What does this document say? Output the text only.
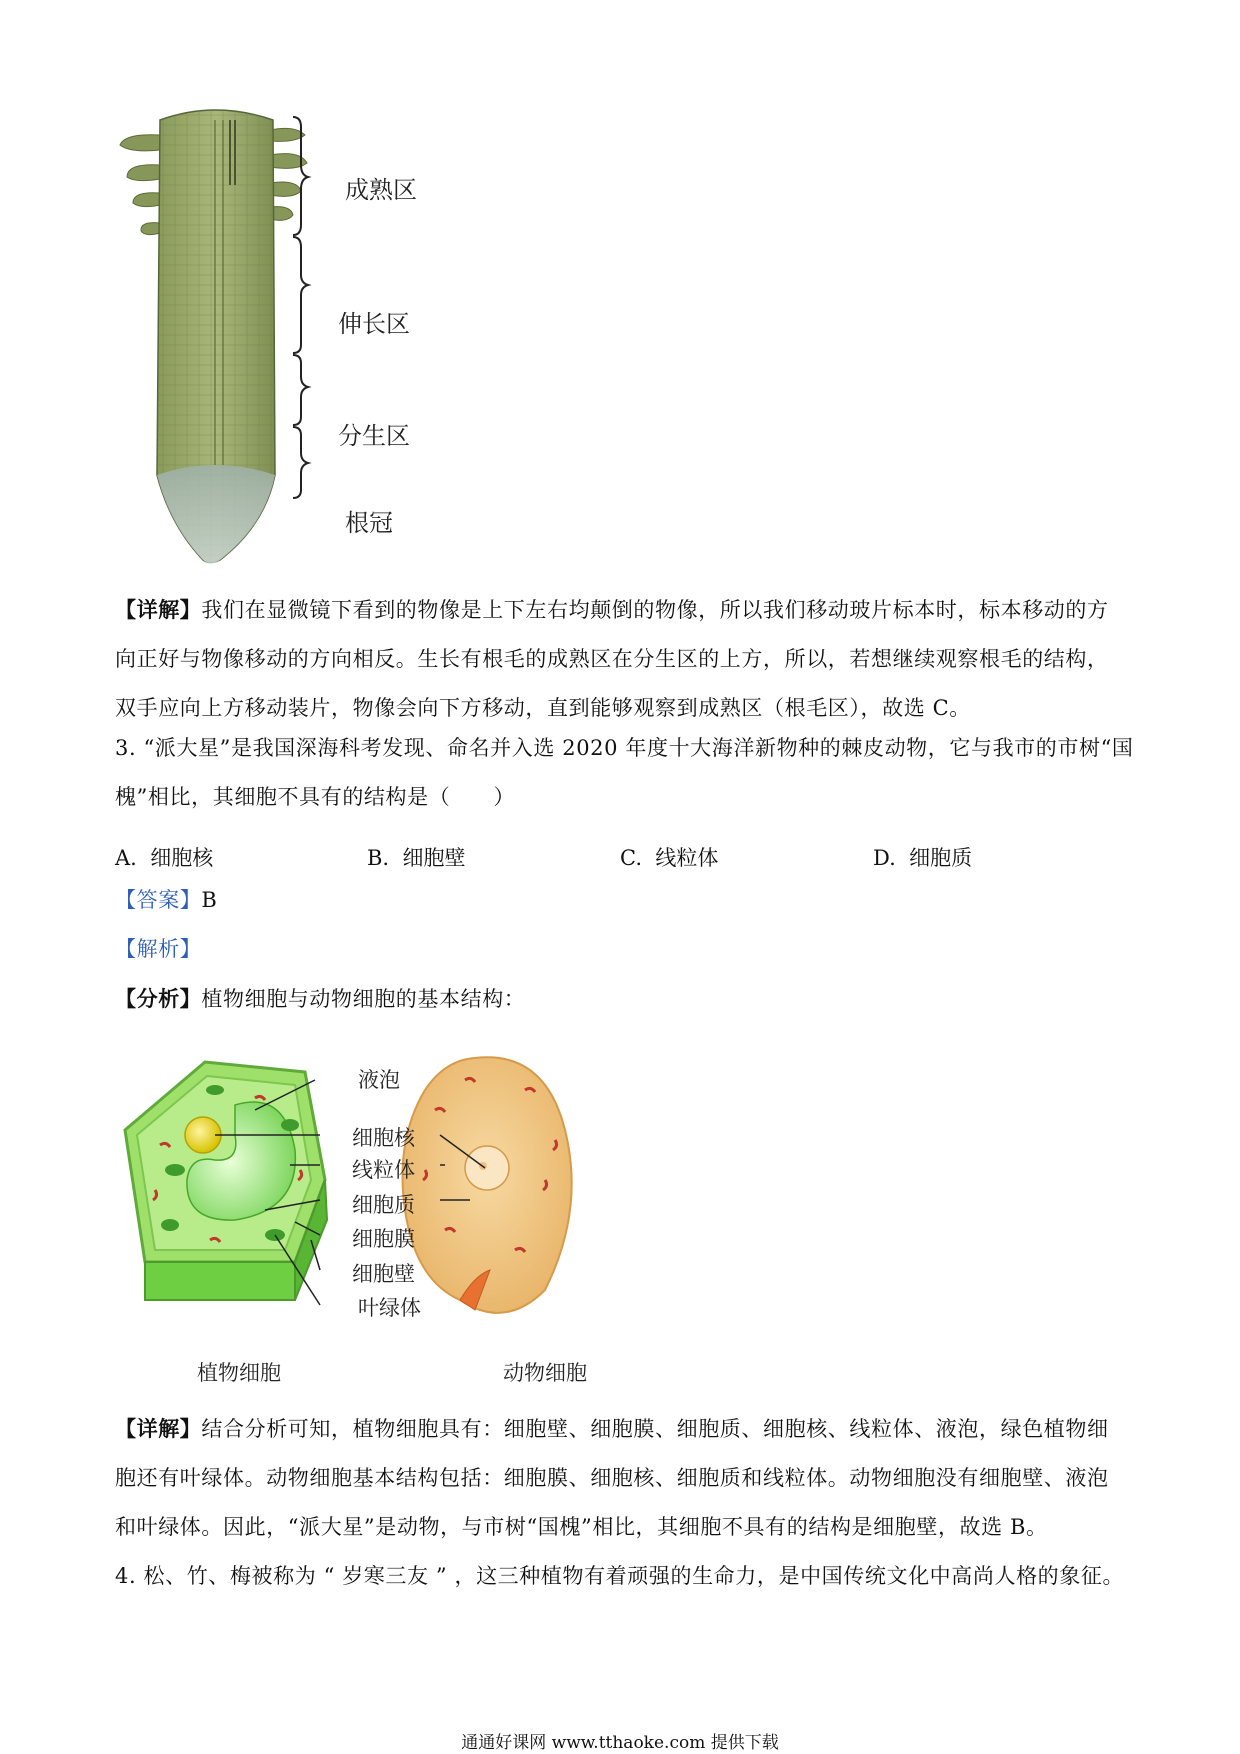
成熟区
伸长区
分生区
根冠

【详解】我们在显微镜下看到的物像是上下左右均颠倒的物像，所以我们移动玻片标本时，标本移动的方

向正好与物像移动的方向相反。生长有根毛的成熟区在分生区的上方，所以，若想继续观察根毛的结构，

双手应向上方移动装片，物像会向下方移动，直到能够观察到成熟区（根毛区），故选 C。

3. “派大星”是我国深海科考发现、命名并入选 2020 年度十大海洋新物种的棘皮动物，它与我市的市树“国

槐”相比，其细胞不具有的结构是（　　）

A. 细胞核	B. 细胞壁	C. 线粒体	D. 细胞质

【答案】B

【解析】

【分析】植物细胞与动物细胞的基本结构：

液泡
细胞核
线粒体
细胞质
细胞膜
细胞壁
叶绿体
植物细胞	动物细胞

【详解】结合分析可知，植物细胞具有：细胞壁、细胞膜、细胞质、细胞核、线粒体、液泡，绿色植物细

胞还有叶绿体。动物细胞基本结构包括：细胞膜、细胞核、细胞质和线粒体。动物细胞没有细胞壁、液泡

和叶绿体。因此，“派大星”是动物，与市树“国槐”相比，其细胞不具有的结构是细胞壁，故选 B。

4. 松、竹、梅被称为 “ 岁寒三友 ” ，这三种植物有着顽强的生命力，是中国传统文化中高尚人格的象征。

通通好课网 www.tthaoke.com 提供下载
